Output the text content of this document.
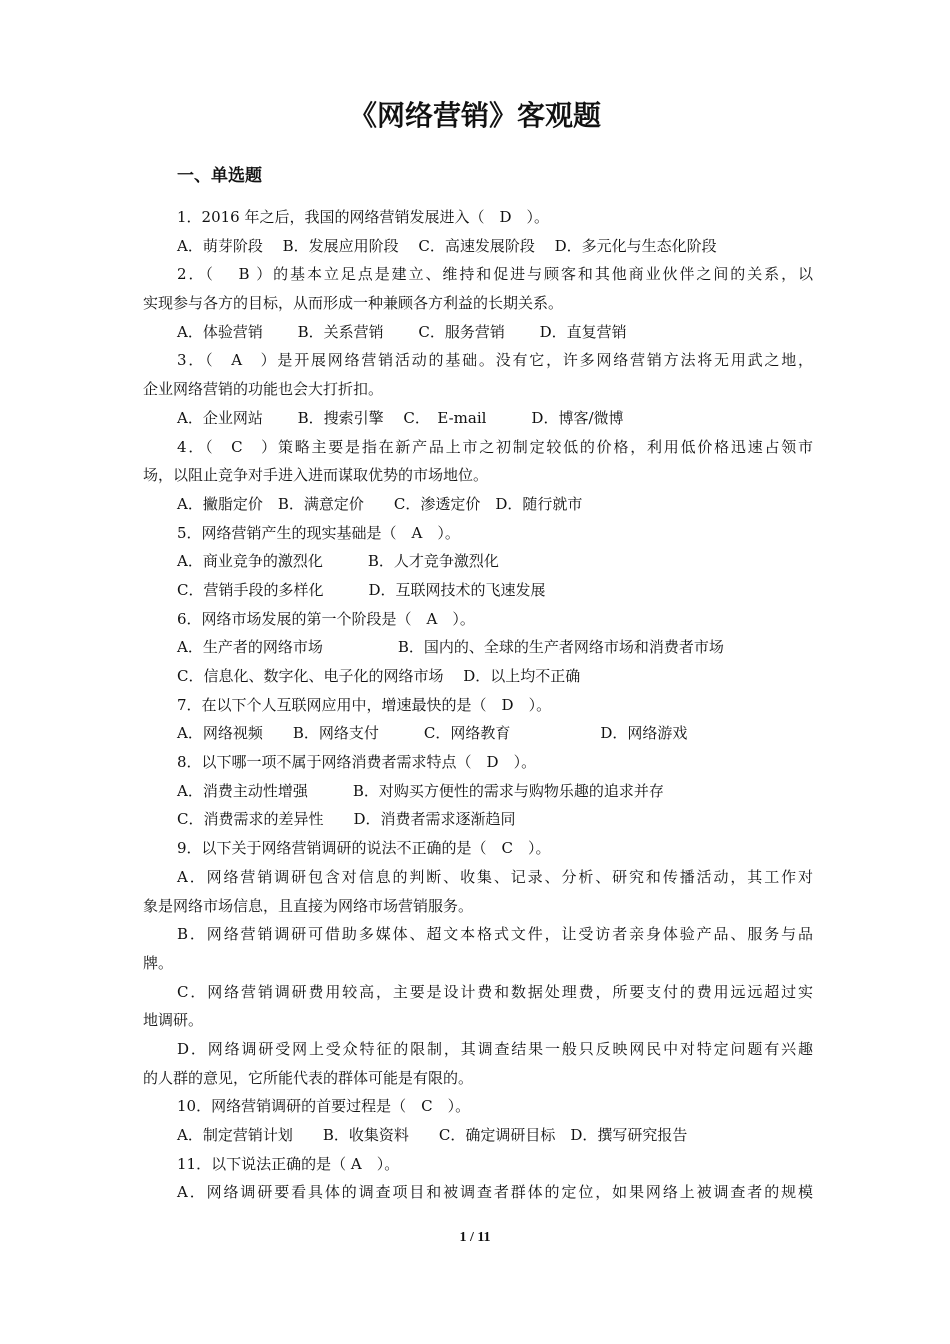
《网络营销》客观题
一、单选题
1．2016 年之后，我国的网络营销发展进入（　D　）。
A．萌芽阶段　 B．发展应用阶段　 C．高速发展阶段　 D．多元化与生态化阶段
2．（　 B ）的基本立足点是建立、维持和促进与顾客和其他商业伙伴之间的关系，以
实现参与各方的目标，从而形成一种兼顾各方利益的长期关系。
A．体验营销　　 B．关系营销　　 C．服务营销　　 D．直复营销
3．（　A　）是开展网络营销活动的基础。没有它，许多网络营销方法将无用武之地，
企业网络营销的功能也会大打折扣。
A．企业网站　　 B．搜索引擎　 C．　E-mail　　　D．博客/微博
4．（　C　）策略主要是指在新产品上市之初制定较低的价格，利用低价格迅速占领市
场，以阻止竞争对手进入进而谋取优势的市场地位。
A．撇脂定价　B．满意定价　　C．渗透定价　D．随行就市
5．网络营销产生的现实基础是（　A　）。
A．商业竞争的激烈化　　　B．人才竞争激烈化
C．营销手段的多样化　　　D．互联网技术的飞速发展
6．网络市场发展的第一个阶段是（　A　）。
A．生产者的网络市场　　　　　B．国内的、全球的生产者网络市场和消费者市场
C．信息化、数字化、电子化的网络市场　 D．以上均不正确
7．在以下个人互联网应用中，增速最快的是（　D　）。
A．网络视频　　B．网络支付　　　C．网络教育　　　　　　D．网络游戏
8．以下哪一项不属于网络消费者需求特点（　D　）。
A．消费主动性增强　　　B．对购买方便性的需求与购物乐趣的追求并存
C．消费需求的差异性　　D．消费者需求逐渐趋同
9．以下关于网络营销调研的说法不正确的是（　C　）。
A．网络营销调研包含对信息的判断、收集、记录、分析、研究和传播活动，其工作对
象是网络市场信息，且直接为网络市场营销服务。
B．网络营销调研可借助多媒体、超文本格式文件，让受访者亲身体验产品、服务与品
牌。
C．网络营销调研费用较高，主要是设计费和数据处理费，所要支付的费用远远超过实
地调研。
D．网络调研受网上受众特征的限制，其调查结果一般只反映网民中对特定问题有兴趣
的人群的意见，它所能代表的群体可能是有限的。
10．网络营销调研的首要过程是（　C　）。
A．制定营销计划　　B．收集资料　　C．确定调研目标　D．撰写研究报告
11．以下说法正确的是（ A　）。
A．网络调研要看具体的调查项目和被调查者群体的定位，如果网络上被调查者的规模
1 / 11
